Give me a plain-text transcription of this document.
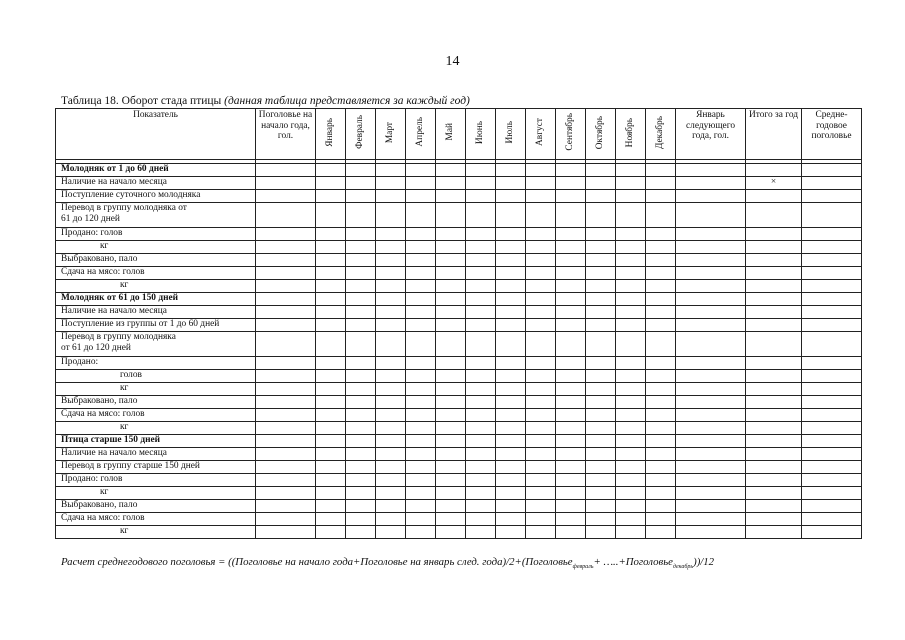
14
Таблица 18. Оборот стада птицы (данная таблица представляется за каждый год)
Показатель	Поголовье на начало года, гол.	Январь	Февраль	Март	Апрель	Май	Июнь	Июль	Август	Сентябрь	Октябрь	Ноябрь	Декабрь	Январь следующего года, гол.	Итого за год	Средне-годовое поголовье

Молодняк от 1 до 60 дней																
Наличие на начало месяца															×	
Поступление суточного молодняка																
Перевод в группу молодняка от
61 до 120 дней																
Продано: голов																
кг																
Выбраковано, пало																
Сдача на мясо: голов																
кг																
Молодняк от 61 до 150 дней																
Наличие на начало месяца																
Поступление из группы от 1 до 60 дней																
Перевод в группу молодняка
от 61 до 120 дней																
Продано:																
голов																
кг																
Выбраковано, пало																
Сдача на мясо: голов																
кг																
Птица старше 150 дней																
Наличие на начало месяца																
Перевод в группу старше 150 дней																
Продано: голов																
кг																
Выбраковано, пало																
Сдача на мясо: голов																
кг																
Расчет среднегодового поголовья = ((Поголовье на начало года+Поголовье на январь след. года)/2+(Поголовье$_{февраль}$+ …..+Поголовье$_{декабрь}$))/12
